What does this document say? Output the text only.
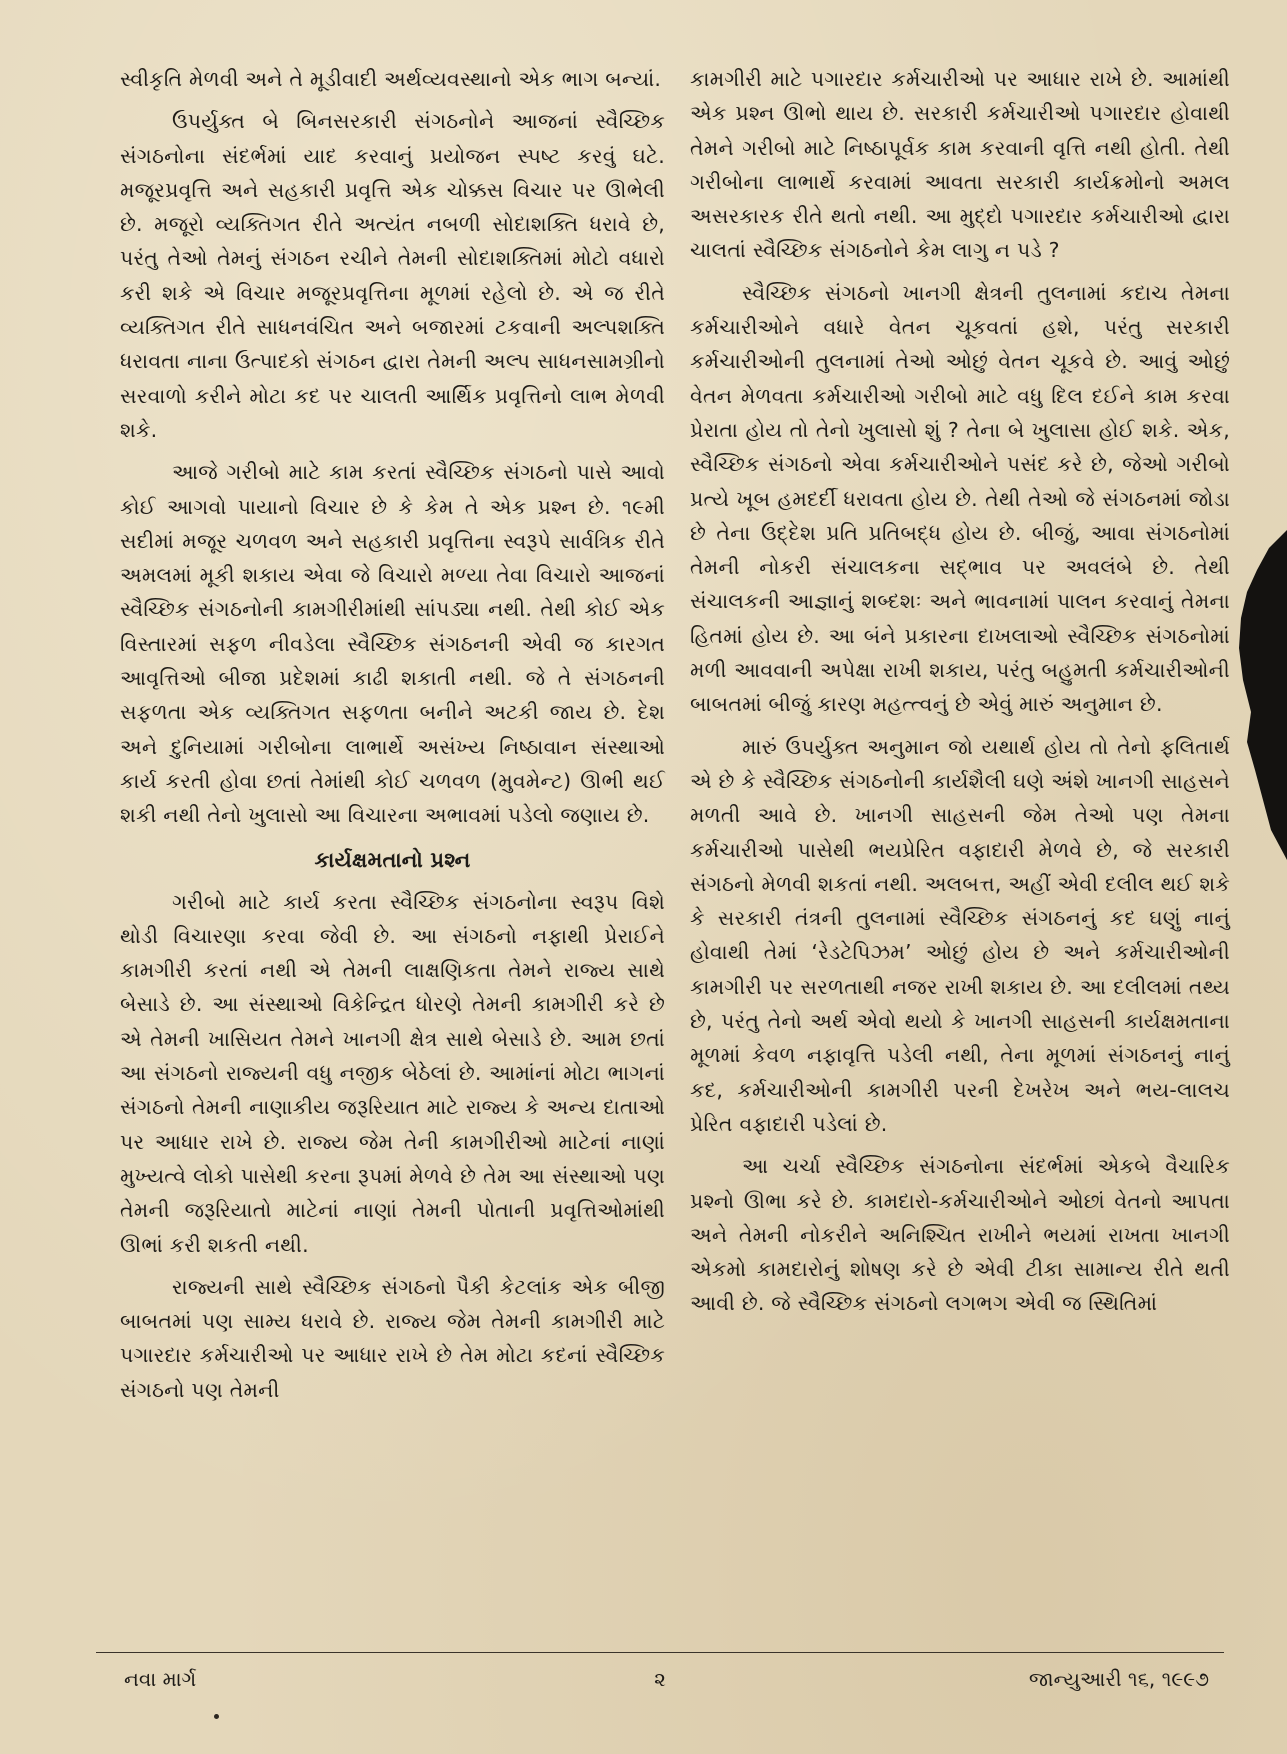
સ્વીકૃતિ મેળવી અને તે મૂડીવાદી અર્થવ્યવસ્થાનો એક ભાગ બન્યાં.

ઉપર્યુક્ત બે બિનસરકારી સંગઠનોને આજનાં સ્વૈચ્છિક સંગઠનોના સંદર્ભમાં યાદ કરવાનું પ્રયોજન સ્પષ્ટ કરવું ઘટે. મજૂરપ્રવૃત્તિ અને સહકારી પ્રવૃત્તિ એક ચોક્કસ વિચાર પર ઊભેલી છે. મજૂરો વ્યક્તિગત રીતે અત્યંત નબળી સોદાશક્તિ ધરાવે છે, પરંતુ તેઓ તેમનું સંગઠન રચીને તેમની સોદાશક્તિમાં મોટો વધારો કરી શકે એ વિચાર મજૂરપ્રવૃત્તિના મૂળમાં રહેલો છે. એ જ રીતે વ્યક્તિગત રીતે સાધનવંચિત અને બજારમાં ટકવાની અલ્પશક્તિ ધરાવતા નાના ઉત્પાદકો સંગઠન દ્વારા તેમની અલ્પ સાધનસામગ્રીનો સરવાળો કરીને મોટા કદ પર ચાલતી આર્થિક પ્રવૃત્તિનો લાભ મેળવી શકે.

આજે ગરીબો માટે કામ કરતાં સ્વૈચ્છિક સંગઠનો પાસે આવો કોઈ આગવો પાયાનો વિચાર છે કે કેમ તે એક પ્રશ્ન છે. ૧૯મી સદીમાં મજૂર ચળવળ અને સહકારી પ્રવૃત્તિના સ્વરૂપે સાર્વત્રિક રીતે અમલમાં મૂકી શકાય એવા જે વિચારો મળ્યા તેવા વિચારો આજનાં સ્વૈચ્છિક સંગઠનોની કામગીરીમાંથી સાંપડ્યા નથી. તેથી કોઈ એક વિસ્તારમાં સફળ નીવડેલા સ્વૈચ્છિક સંગઠનની એવી જ કારગત આવૃત્તિઓ બીજા પ્રદેશમાં કાઢી શકાતી નથી. જે તે સંગઠનની સફળતા એક વ્યક્તિગત સફળતા બનીને અટકી જાય છે. દેશ અને દુનિયામાં ગરીબોના લાભાર્થે અસંખ્ય નિષ્ઠાવાન સંસ્થાઓ કાર્ય કરતી હોવા છતાં તેમાંથી કોઈ ચળવળ (મુવમેન્ટ) ઊભી થઈ શકી નથી તેનો ખુલાસો આ વિચારના અભાવમાં પડેલો જણાય છે.

કાર્યક્ષમતાનો પ્રશ્ન

ગરીબો માટે કાર્ય કરતા સ્વૈચ્છિક સંગઠનોના સ્વરૂપ વિશે થોડી વિચારણા કરવા જેવી છે. આ સંગઠનો નફાથી પ્રેરાઈને કામગીરી કરતાં નથી એ તેમની લાક્ષણિકતા તેમને રાજ્ય સાથે બેસાડે છે. આ સંસ્થાઓ વિકેન્દ્રિત ધોરણે તેમની કામગીરી કરે છે એ તેમની ખાસિયત તેમને ખાનગી ક્ષેત્ર સાથે બેસાડે છે. આમ છતાં આ સંગઠનો રાજ્યની વધુ નજીક બેઠેલાં છે. આમાંનાં મોટા ભાગનાં સંગઠનો તેમની નાણાકીય જરૂરિયાત માટે રાજ્ય કે અન્ય દાતાઓ પર આધાર રાખે છે. રાજ્ય જેમ તેની કામગીરીઓ માટેનાં નાણાં મુખ્યત્વે લોકો પાસેથી કરના રૂપમાં મેળવે છે તેમ આ સંસ્થાઓ પણ તેમની જરૂરિયાતો માટેનાં નાણાં તેમની પોતાની પ્રવૃત્તિઓમાંથી ઊભાં કરી શકતી નથી.

રાજ્યની સાથે સ્વૈચ્છિક સંગઠનો પૈકી કેટલાંક એક બીજી બાબતમાં પણ સામ્ય ધરાવે છે. રાજ્ય જેમ તેમની કામગીરી માટે પગારદાર કર્મચારીઓ પર આધાર રાખે છે તેમ મોટા કદનાં સ્વૈચ્છિક સંગઠનો પણ તેમની

કામગીરી માટે પગારદાર કર્મચારીઓ પર આધાર રાખે છે. આમાંથી એક પ્રશ્ન ઊભો થાય છે. સરકારી કર્મચારીઓ પગારદાર હોવાથી તેમને ગરીબો માટે નિષ્ઠાપૂર્વક કામ કરવાની વૃત્તિ નથી હોતી. તેથી ગરીબોના લાભાર્થે કરવામાં આવતા સરકારી કાર્યક્રમોનો અમલ અસરકારક રીતે થતો નથી. આ મુદ્દો પગારદાર કર્મચારીઓ દ્વારા ચાલતાં સ્વૈચ્છિક સંગઠનોને કેમ લાગુ ન પડે ?

સ્વૈચ્છિક સંગઠનો ખાનગી ક્ષેત્રની તુલનામાં કદાચ તેમના કર્મચારીઓને વધારે વેતન ચૂકવતાં હશે, પરંતુ સરકારી કર્મચારીઓની તુલનામાં તેઓ ઓછું વેતન ચૂકવે છે. આવું ઓછું વેતન મેળવતા કર્મચારીઓ ગરીબો માટે વધુ દિલ દઈને કામ કરવા પ્રેરાતા હોય તો તેનો ખુલાસો શું ? તેના બે ખુલાસા હોઈ શકે. એક, સ્વૈચ્છિક સંગઠનો એવા કર્મચારીઓને પસંદ કરે છે, જેઓ ગરીબો પ્રત્યે ખૂબ હમદર્દી ધરાવતા હોય છે. તેથી તેઓ જે સંગઠનમાં જોડા છે તેના ઉદ્દેશ પ્રતિ પ્રતિબદ્ધ હોય છે. બીજું, આવા સંગઠનોમાં તેમની નોકરી સંચાલકના સદ્ભાવ પર અવલંબે છે. તેથી સંચાલકની આજ્ઞાનું શબ્દશઃ અને ભાવનામાં પાલન કરવાનું તેમના હિતમાં હોય છે. આ બંને પ્રકારના દાખલાઓ સ્વૈચ્છિક સંગઠનોમાં મળી આવવાની અપેક્ષા રાખી શકાય, પરંતુ બહુમતી કર્મચારીઓની બાબતમાં બીજું કારણ મહત્ત્વનું છે એવું મારું અનુમાન છે.

મારું ઉપર્યુક્ત અનુમાન જો યથાર્થ હોય તો તેનો ફલિતાર્થ એ છે કે સ્વૈચ્છિક સંગઠનોની કાર્યશૈલી ઘણે અંશે ખાનગી સાહસને મળતી આવે છે. ખાનગી સાહસની જેમ તેઓ પણ તેમના કર્મચારીઓ પાસેથી ભયપ્રેરિત વફાદારી મેળવે છે, જે સરકારી સંગઠનો મેળવી શકતાં નથી. અલબત્ત, અહીં એવી દલીલ થઈ શકે કે સરકારી તંત્રની તુલનામાં સ્વૈચ્છિક સંગઠનનું કદ ઘણું નાનું હોવાથી તેમાં ‘રેડટેપિઝમ’ ઓછું હોય છે અને કર્મચારીઓની કામગીરી પર સરળતાથી નજર રાખી શકાય છે. આ દલીલમાં તથ્ય છે, પરંતુ તેનો અર્થ એવો થયો કે ખાનગી સાહસની કાર્યક્ષમતાના મૂળમાં કેવળ નફાવૃત્તિ પડેલી નથી, તેના મૂળમાં સંગઠનનું નાનું કદ, કર્મચારીઓની કામગીરી પરની દેખરેખ અને ભય-લાલચ પ્રેરિત વફાદારી પડેલાં છે.

આ ચર્ચા સ્વૈચ્છિક સંગઠનોના સંદર્ભમાં એકબે વૈચારિક પ્રશ્નો ઊભા કરે છે. કામદારો-કર્મચારીઓને ઓછાં વેતનો આપતા અને તેમની નોકરીને અનિશ્ચિત રાખીને ભયમાં રાખતા ખાનગી એકમો કામદારોનું શોષણ કરે છે એવી ટીકા સામાન્ય રીતે થતી આવી છે. જે સ્વૈચ્છિક સંગઠનો લગભગ એવી જ સ્થિતિમાં

નવા માર્ગ	૨	જાન્યુઆરી ૧૬, ૧૯૯૭
